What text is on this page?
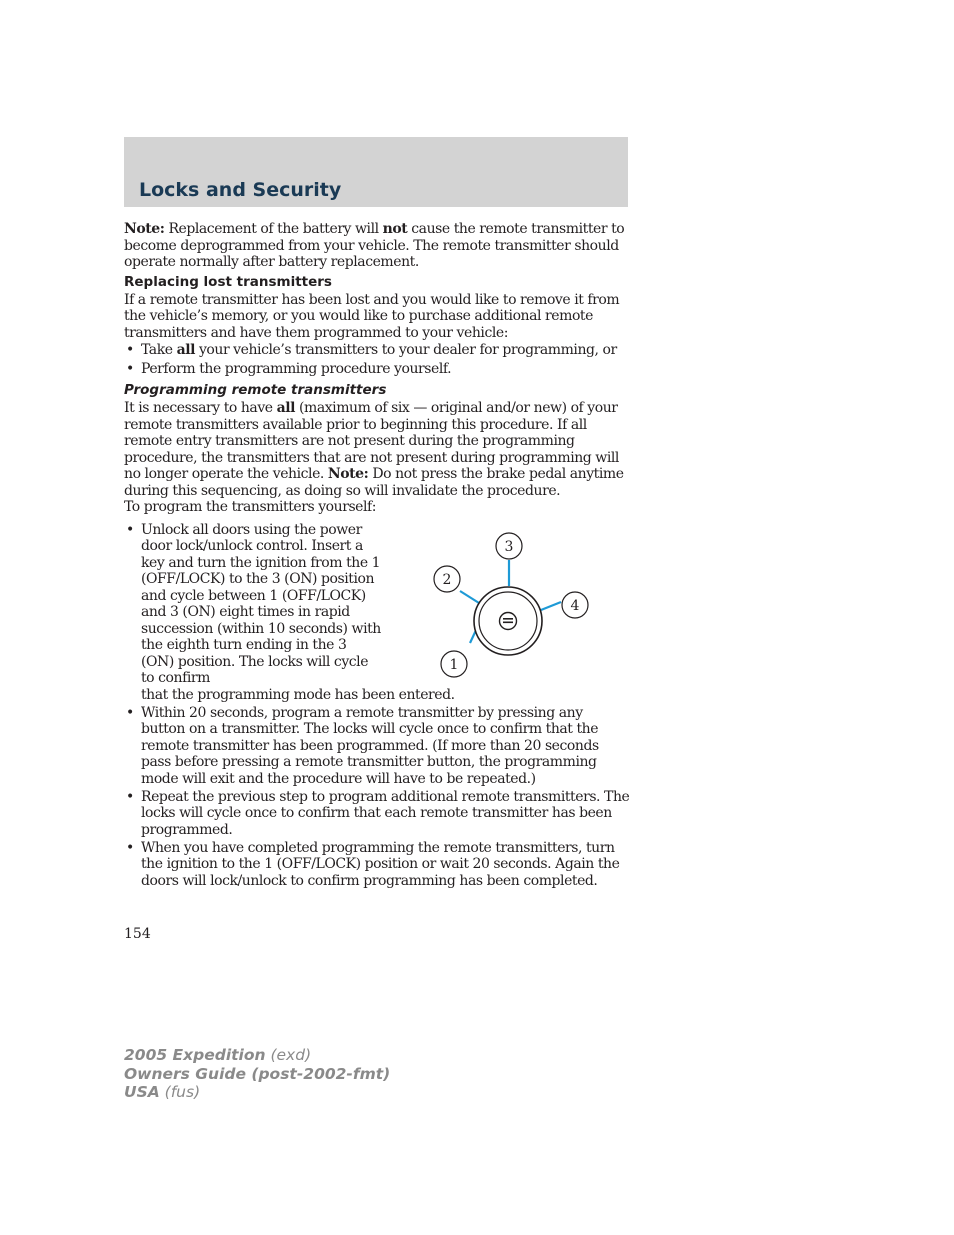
Locks and Security

Note: Replacement of the battery will not cause the remote transmitter to become deprogrammed from your vehicle. The remote transmitter should operate normally after battery replacement.

Replacing lost transmitters

If a remote transmitter has been lost and you would like to remove it from the vehicle’s memory, or you would like to purchase additional remote transmitters and have them programmed to your vehicle:

• Take all your vehicle’s transmitters to your dealer for programming, or
• Perform the programming procedure yourself.
Programming remote transmitters

It is necessary to have all (maximum of six — original and/or new) of your remote transmitters available prior to beginning this procedure. If all remote entry transmitters are not present during the programming procedure, the transmitters that are not present during programming will no longer operate the vehicle. Note: Do not press the brake pedal anytime during this sequencing, as doing so will invalidate the procedure.

To program the transmitters yourself:

• Unlock all doors using the power door lock/unlock control. Insert a key and turn the ignition from the 1 (OFF/LOCK) to the 3 (ON) position and cycle between 1 (OFF/LOCK) and 3 (ON) eight times in rapid succession (within 10 seconds) with the eighth turn ending in the 3 (ON) position. The locks will cycle to confirm
that the programming mode has been entered.
• Within 20 seconds, program a remote transmitter by pressing any button on a transmitter. The locks will cycle once to confirm that the remote transmitter has been programmed. (If more than 20 seconds pass before pressing a remote transmitter button, the programming mode will exit and the procedure will have to be repeated.)
• Repeat the previous step to program additional remote transmitters. The locks will cycle once to confirm that each remote transmitter has been programmed.
• When you have completed programming the remote transmitters, turn the ignition to the 1 (OFF/LOCK) position or wait 20 seconds. Again the doors will lock/unlock to confirm programming has been completed.
3
2
4
1

154

2005 Expedition (exd)
Owners Guide (post-2002-fmt)
USA (fus)
